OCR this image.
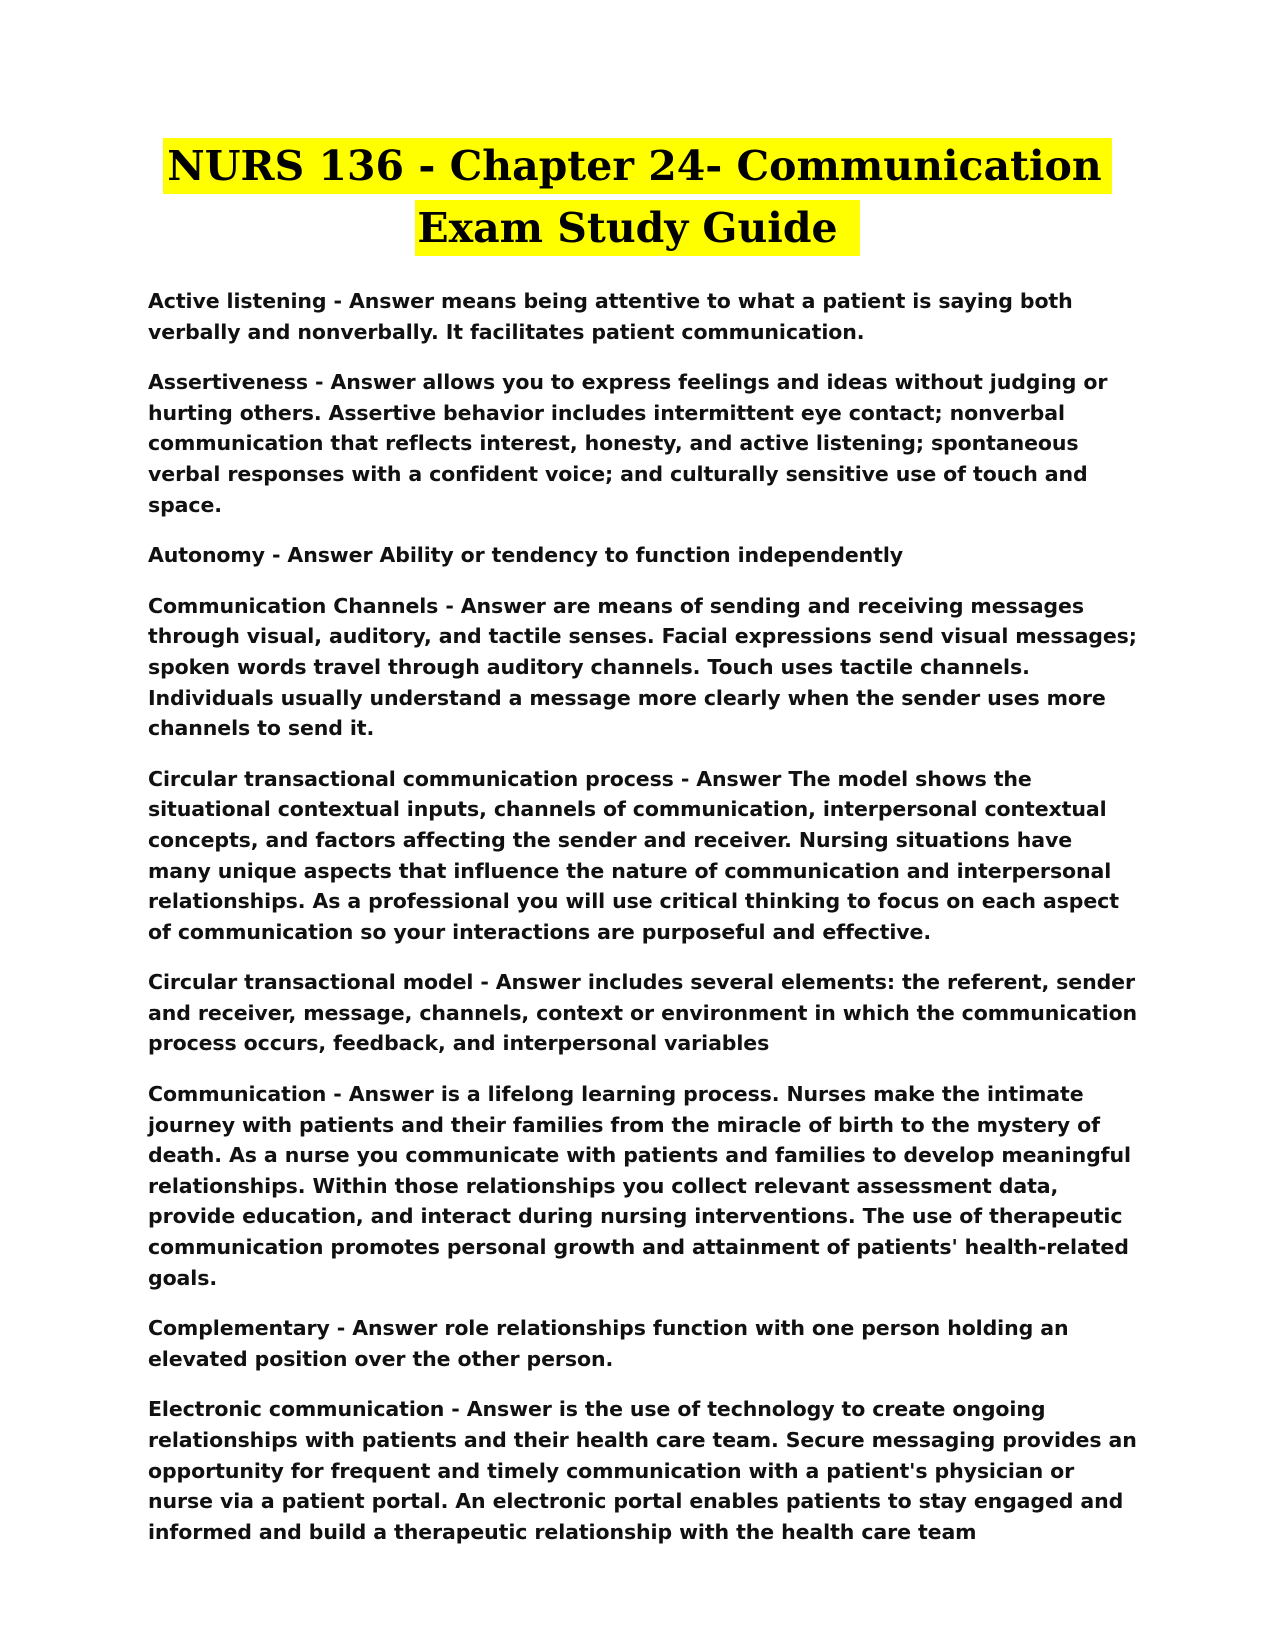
NURS 136 - Chapter 24- Communication
Exam Study Guide

Active listening - Answer means being attentive to what a patient is saying both verbally and nonverbally. It facilitates patient communication.

Assertiveness - Answer allows you to express feelings and ideas without judging or hurting others. Assertive behavior includes intermittent eye contact; nonverbal communication that reflects interest, honesty, and active listening; spontaneous verbal responses with a confident voice; and culturally sensitive use of touch and space.

Autonomy - Answer Ability or tendency to function independently

Communication Channels - Answer are means of sending and receiving messages through visual, auditory, and tactile senses. Facial expressions send visual messages; spoken words travel through auditory channels. Touch uses tactile channels. Individuals usually understand a message more clearly when the sender uses more channels to send it.

Circular transactional communication process - Answer The model shows the situational contextual inputs, channels of communication, interpersonal contextual concepts, and factors affecting the sender and receiver. Nursing situations have many unique aspects that influence the nature of communication and interpersonal relationships. As a professional you will use critical thinking to focus on each aspect of communication so your interactions are purposeful and effective.

Circular transactional model - Answer includes several elements: the referent, sender and receiver, message, channels, context or environment in which the communication process occurs, feedback, and interpersonal variables

Communication - Answer is a lifelong learning process. Nurses make the intimate journey with patients and their families from the miracle of birth to the mystery of death. As a nurse you communicate with patients and families to develop meaningful relationships. Within those relationships you collect relevant assessment data, provide education, and interact during nursing interventions. The use of therapeutic communication promotes personal growth and attainment of patients' health-related goals.

Complementary - Answer role relationships function with one person holding an elevated position over the other person.

Electronic communication - Answer is the use of technology to create ongoing relationships with patients and their health care team. Secure messaging provides an opportunity for frequent and timely communication with a patient's physician or nurse via a patient portal. An electronic portal enables patients to stay engaged and informed and build a therapeutic relationship with the health care team
